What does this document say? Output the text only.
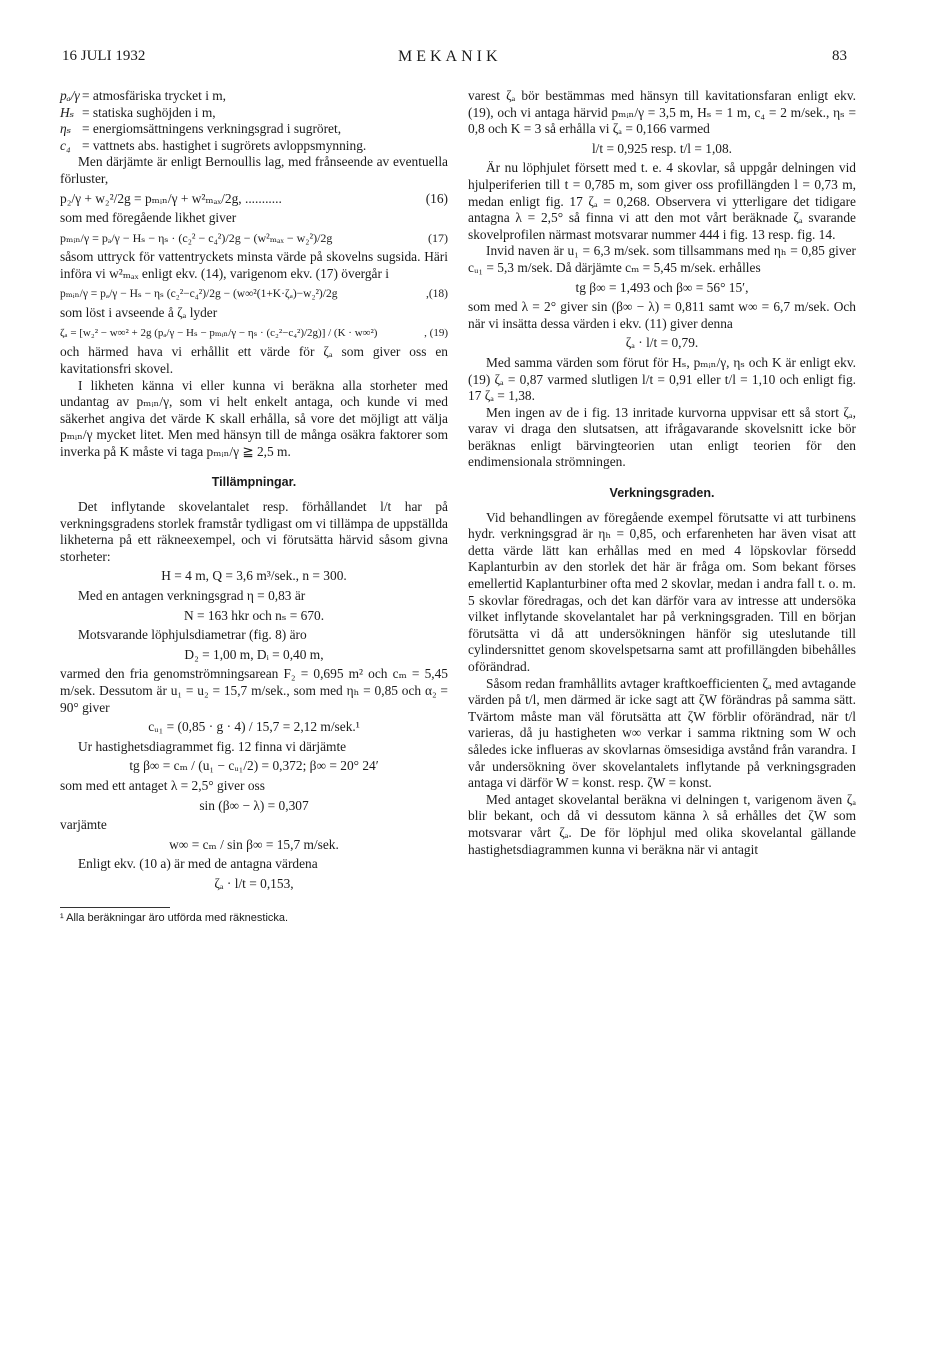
16 JULI 1932	MEKANIK	83
pₐ/γ = atmosfäriska trycket i m,
Hₛ = statiska sughöjden i m,
ηₛ = energiomsättningens verkningsgrad i sugröret,
c₄ = vattnets abs. hastighet i sugrörets avloppsmynning.

Men därjämte är enligt Bernoullis lag, med frånseende av eventuella förluster,

p₂/γ + w₂²/2g = pₘᵢₙ/γ + w²ₘₐₓ/2g, ...........	(16)

som med föregående likhet giver

pₘᵢₙ/γ = pₐ/γ − Hₛ − ηₛ · (c₂² − c₄²)/2g − (w²ₘₐₓ − w₂²)/2g	(17)

såsom uttryck för vattentryckets minsta värde på skovelns sugsida. Häri införa vi w²ₘₐₓ enligt ekv. (14), varigenom ekv. (17) övergår i

pₘᵢₙ/γ = pₐ/γ − Hₛ − ηₛ (c₂²−c₄²)/2g − (w∞²(1+K·ζₐ)−w₂²)/2g	,(18)

som löst i avseende å ζₐ lyder

ζₐ = [w₂² − w∞² + 2g (pₐ/γ − Hₛ − pₘᵢₙ/γ − ηₛ · (c₂²−c₄²)/2g)] / (K · w∞²)	, (19)

och härmed hava vi erhållit ett värde för ζₐ som giver oss en kavitationsfri skovel.

I likheten känna vi eller kunna vi beräkna alla storheter med undantag av pₘᵢₙ/γ, som vi helt enkelt antaga, och kunde vi med säkerhet angiva det värde K skall erhålla, så vore det möjligt att välja pₘᵢₙ/γ mycket litet. Men med hänsyn till de många osäkra faktorer som inverka på K måste vi taga pₘᵢₙ/γ ≧ 2,5 m.

Tillämpningar.

Det inflytande skovelantalet resp. förhållandet l/t har på verkningsgradens storlek framstår tydligast om vi tillämpa de uppställda likheterna på ett räkneexempel, och vi förutsätta härvid såsom givna storheter:

H = 4 m, Q = 3,6 m³/sek., n = 300.

Med en antagen verkningsgrad η = 0,83 är

N = 163 hkr och nₛ = 670.

Motsvarande löphjulsdiametrar (fig. 8) äro

D₂ = 1,00 m, Dᵢ = 0,40 m,

varmed den fria genomströmningsarean F₂ = 0,695 m² och cₘ = 5,45 m/sek. Dessutom är u₁ = u₂ = 15,7 m/sek., som med ηₕ = 0,85 och α₂ = 90° giver

cᵤ₁ = (0,85 · g · 4) / 15,7 = 2,12 m/sek.¹

Ur hastighetsdiagrammet fig. 12 finna vi därjämte

tg β∞ = cₘ / (u₁ − cᵤ₁/2) = 0,372; β∞ = 20° 24′

som med ett antaget λ = 2,5° giver oss

sin (β∞ − λ) = 0,307

varjämte

w∞ = cₘ / sin β∞ = 15,7 m/sek.

Enligt ekv. (10 a) är med de antagna värdena

ζₐ · l/t = 0,153,
¹ Alla beräkningar äro utförda med räknesticka.

varest ζₐ bör bestämmas med hänsyn till kavitationsfaran enligt ekv. (19), och vi antaga härvid pₘᵢₙ/γ = 3,5 m, Hₛ = 1 m, c₄ = 2 m/sek., ηₛ = 0,8 och K = 3 så erhålla vi ζₐ = 0,166 varmed

l/t = 0,925 resp. t/l = 1,08.

Är nu löphjulet försett med t. e. 4 skovlar, så uppgår delningen vid hjulperiferien till t = 0,785 m, som giver oss profillängden l = 0,73 m, medan enligt fig. 17 ζₐ = 0,268. Observera vi ytterligare det tidigare antagna λ = 2,5° så finna vi att den mot vårt beräknade ζₐ svarande skovelprofilen närmast motsvarar nummer 444 i fig. 13 resp. fig. 14.

Invid naven är u₁ = 6,3 m/sek. som tillsammans med ηₕ = 0,85 giver cᵤ₁ = 5,3 m/sek. Då därjämte cₘ = 5,45 m/sek. erhålles

tg β∞ = 1,493 och β∞ = 56° 15′,

som med λ = 2° giver sin (β∞ − λ) = 0,811 samt w∞ = 6,7 m/sek. Och när vi insätta dessa värden i ekv. (11) giver denna

ζₐ · l/t = 0,79.

Med samma värden som förut för Hₛ, pₘᵢₙ/γ, ηₛ och K är enligt ekv. (19) ζₐ = 0,87 varmed slutligen l/t = 0,91 eller t/l = 1,10 och enligt fig. 17 ζₐ = 1,38.

Men ingen av de i fig. 13 inritade kurvorna uppvisar ett så stort ζₐ, varav vi draga den slutsatsen, att ifrågavarande skovelsnitt icke bör beräknas enligt bärvingteorien utan enligt teorien för den endimensionala strömningen.

Verkningsgraden.

Vid behandlingen av föregående exempel förutsatte vi att turbinens hydr. verkningsgrad är ηₕ = 0,85, och erfarenheten har även visat att detta värde lätt kan erhållas med en med 4 löpskovlar försedd Kaplanturbin av den storlek det här är fråga om. Som bekant förses emellertid Kaplanturbiner ofta med 2 skovlar, medan i andra fall t. o. m. 5 skovlar föredragas, och det kan därför vara av intresse att undersöka vilket inflytande skovelantalet har på verkningsgraden. Till en början förutsätta vi då att undersökningen hänför sig uteslutande till cylindersnittet genom skovelspetsarna samt att profillängden bibehålles oförändrad.

Såsom redan framhållits avtager kraftkoefficienten ζₐ med avtagande värden på t/l, men därmed är icke sagt att ζW förändras på samma sätt. Tvärtom måste man väl förutsätta att ζW förblir oförändrad, när t/l varieras, då ju hastigheten w∞ verkar i samma riktning som W och således icke influeras av skovlarnas ömsesidiga avstånd från varandra. I vår undersökning över skovelantalets inflytande på verkningsgraden antaga vi därför W = konst. resp. ζW = konst.

Med antaget skovelantal beräkna vi delningen t, varigenom även ζₐ blir bekant, och då vi dessutom känna λ så erhålles det ζW som motsvarar vårt ζₐ. De för löphjul med olika skovelantal gällande hastighetsdiagrammen kunna vi beräkna när vi antagit
